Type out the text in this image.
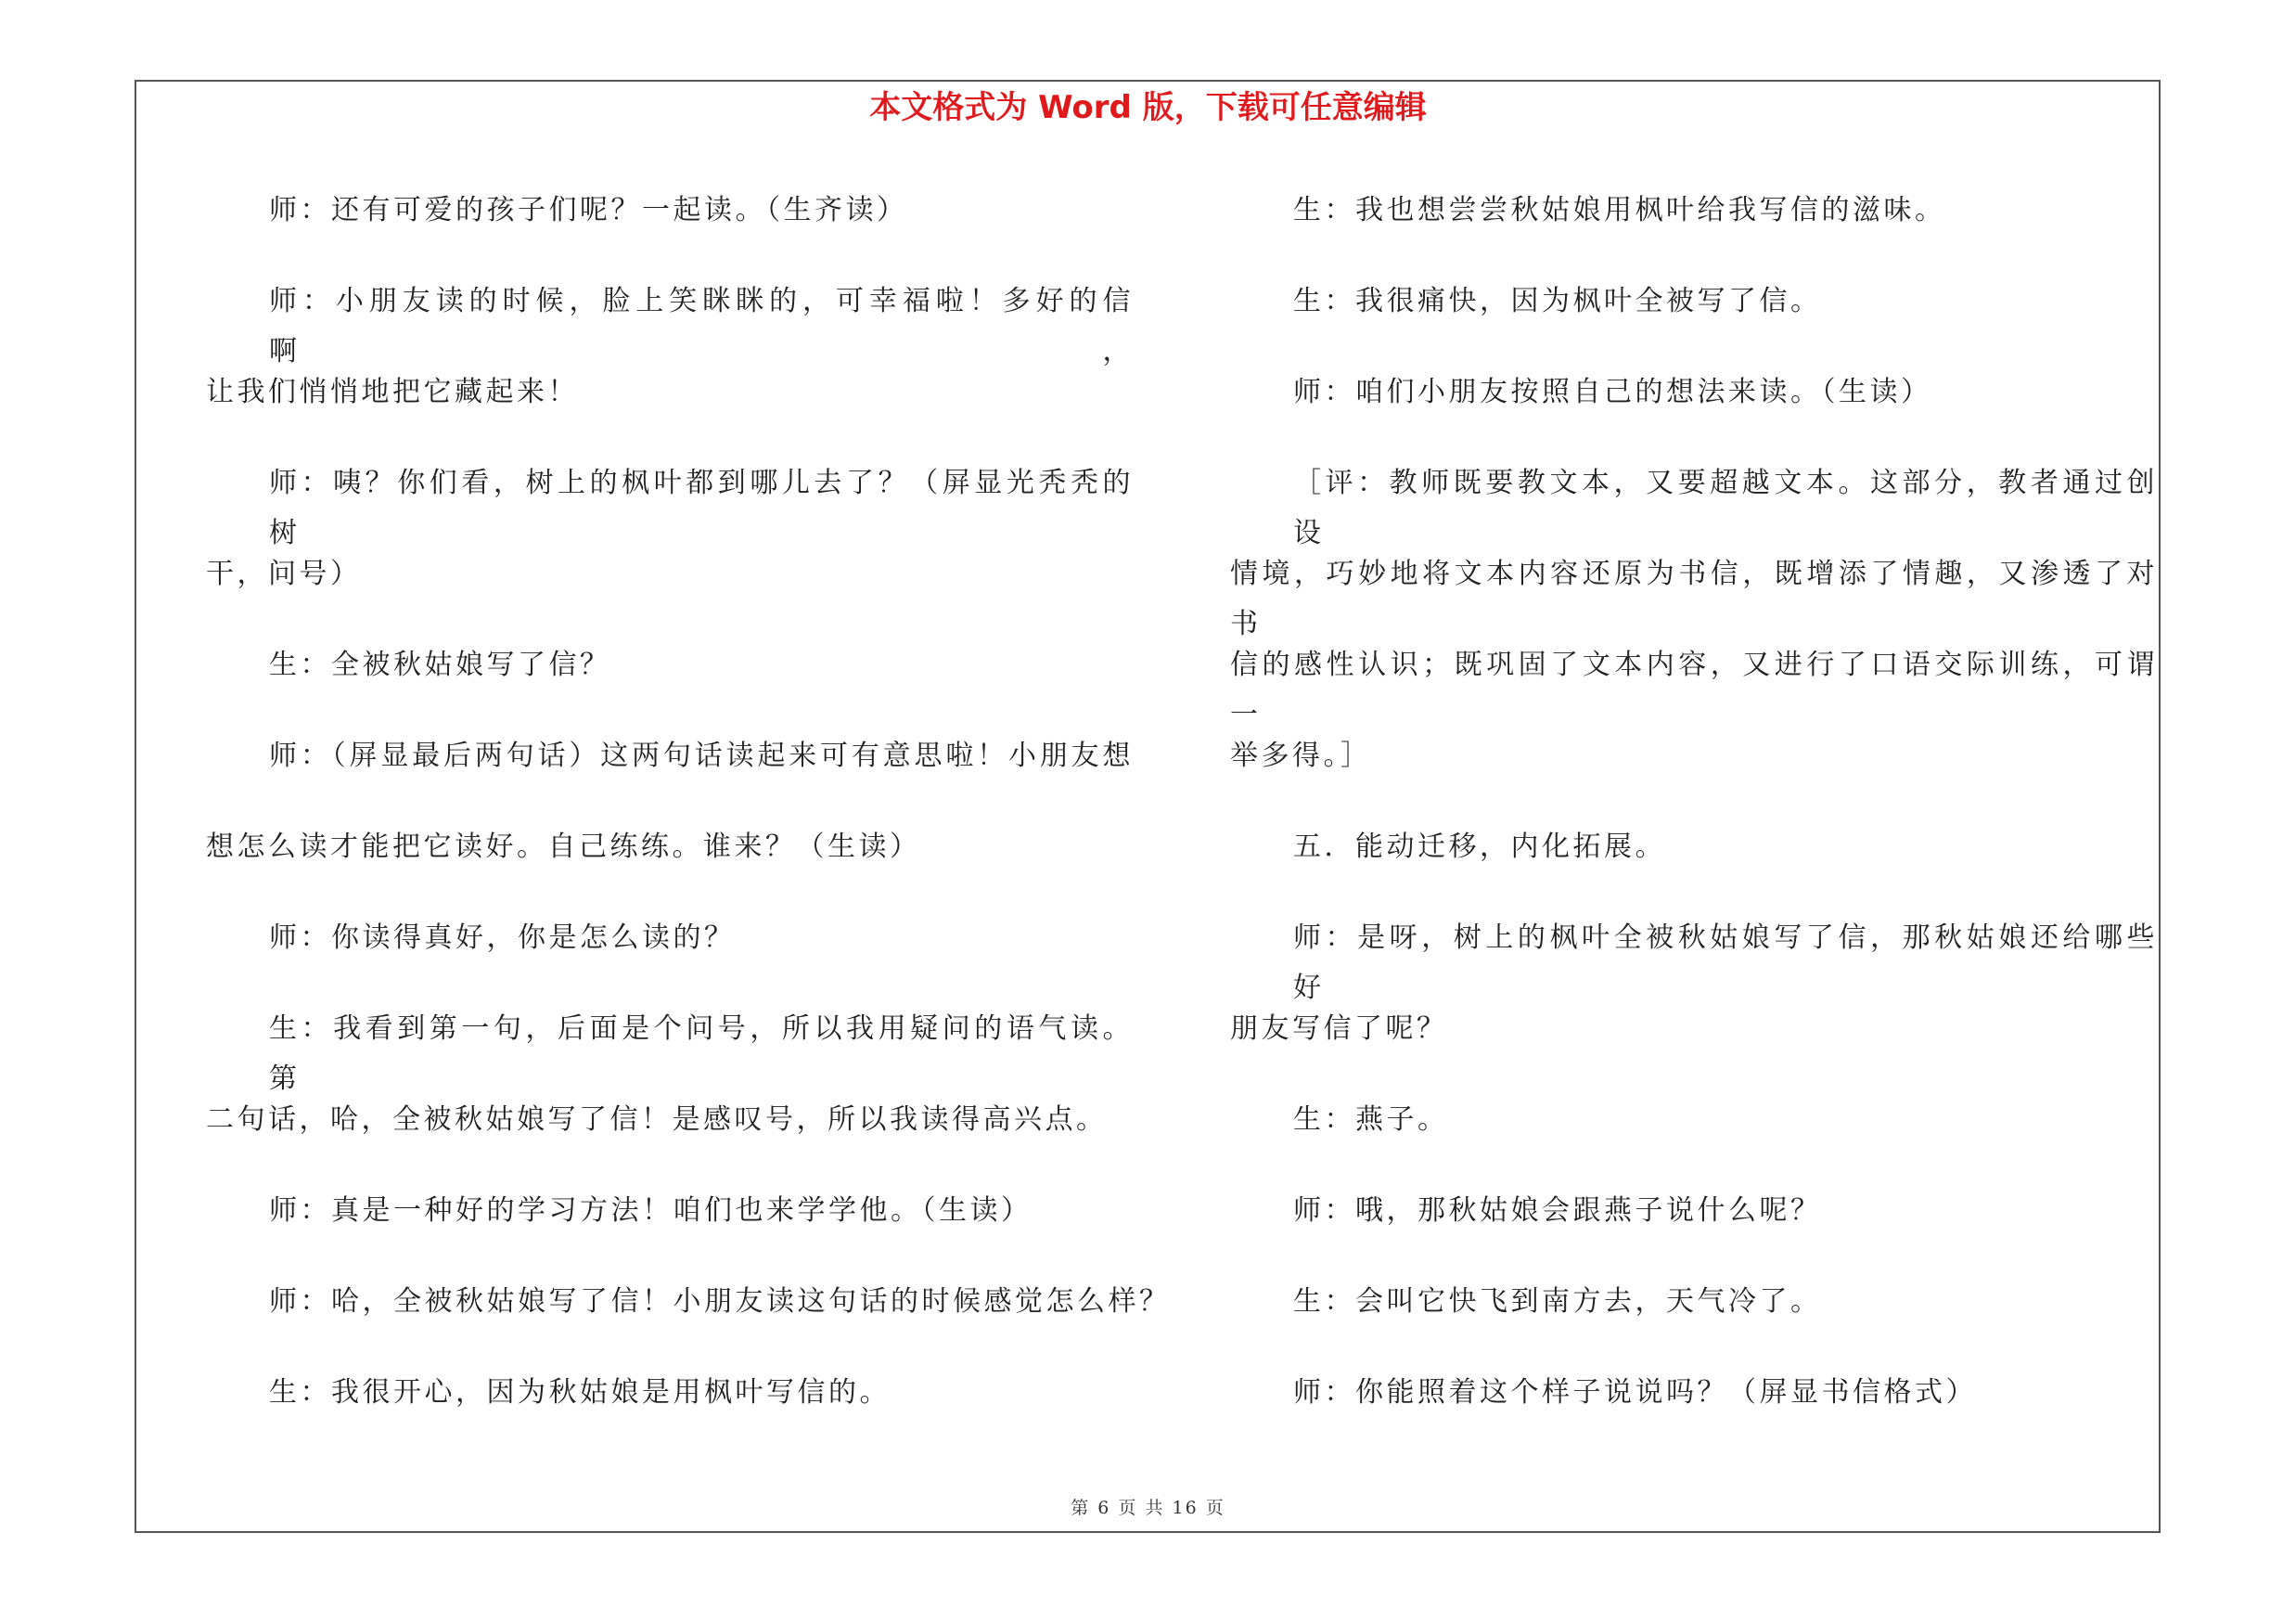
本文格式为 Word 版，下载可任意编辑
师：还有可爱的孩子们呢？一起读。（生齐读）
师：小朋友读的时候，脸上笑眯眯的，可幸福啦！多好的信啊，
让我们悄悄地把它藏起来！
师：咦？你们看，树上的枫叶都到哪儿去了？（屏显光秃秃的树
干，问号）
生：全被秋姑娘写了信？
师：（屏显最后两句话）这两句话读起来可有意思啦！小朋友想
想怎么读才能把它读好。自己练练。谁来？（生读）
师：你读得真好，你是怎么读的？
生：我看到第一句，后面是个问号，所以我用疑问的语气读。第
二句话，哈，全被秋姑娘写了信！是感叹号，所以我读得高兴点。
师：真是一种好的学习方法！咱们也来学学他。（生读）
师：哈，全被秋姑娘写了信！小朋友读这句话的时候感觉怎么样？
生：我很开心，因为秋姑娘是用枫叶写信的。
生：我也想尝尝秋姑娘用枫叶给我写信的滋味。
生：我很痛快，因为枫叶全被写了信。
师：咱们小朋友按照自己的想法来读。（生读）
［评：教师既要教文本，又要超越文本。这部分，教者通过创设
情境，巧妙地将文本内容还原为书信，既增添了情趣，又渗透了对书
信的感性认识；既巩固了文本内容，又进行了口语交际训练，可谓一
举多得。］
五．能动迁移，内化拓展。
师：是呀，树上的枫叶全被秋姑娘写了信，那秋姑娘还给哪些好
朋友写信了呢？
生：燕子。
师：哦，那秋姑娘会跟燕子说什么呢？
生：会叫它快飞到南方去，天气冷了。
师：你能照着这个样子说说吗？（屏显书信格式）
第 6 页 共 16 页
